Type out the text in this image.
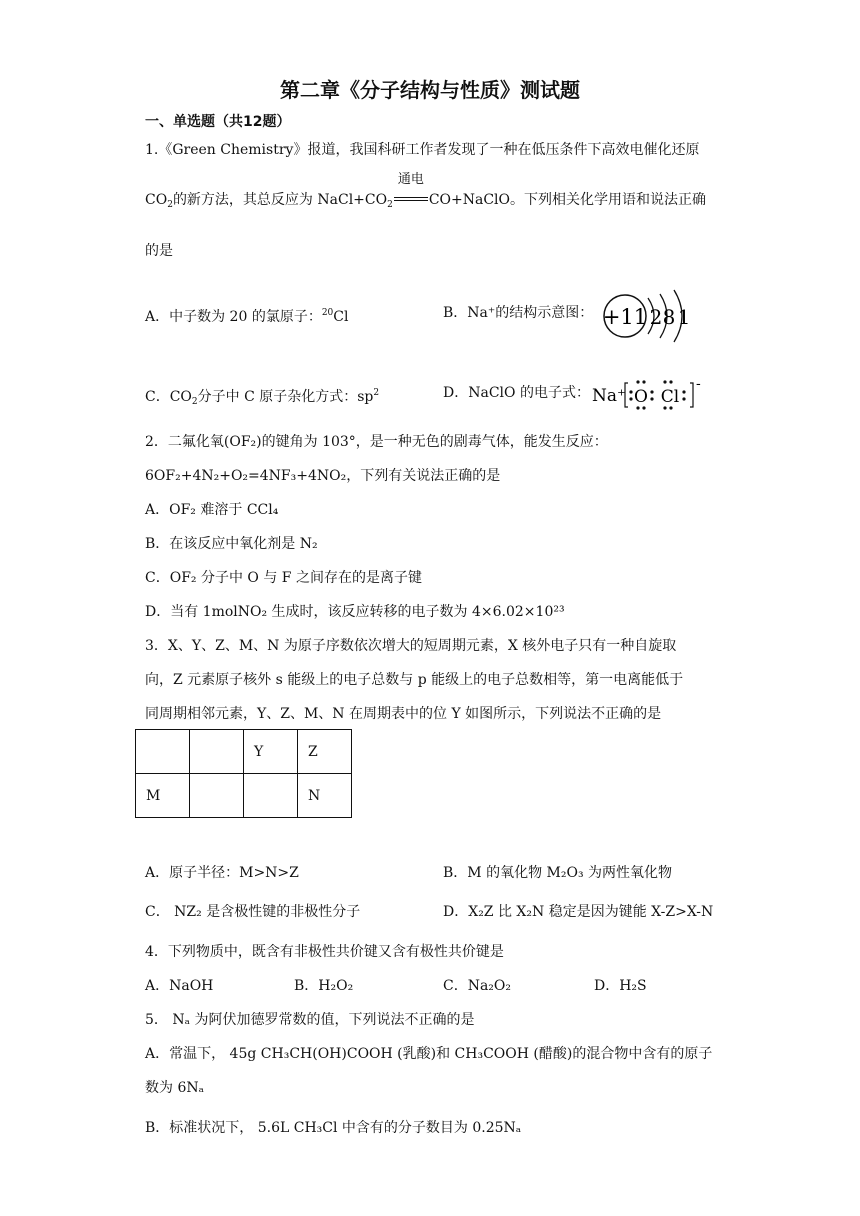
第二章《分子结构与性质》测试题
一、单选题（共12题）
1.《Green Chemistry》报道，我国科研工作者发现了一种在低压条件下高效电催化还原
$CO_2$的新方法，其总反应为 $NaCl+CO_2$
通电
CO+NaClO。下列相关化学用语和说法正确
的是
A．中子数为 20 的氯原子：$^{20}$Cl	B．Na⁺的结构示意图： +11 2 8 1
C．$CO_2$分子中 C 原子杂化方式：$sp^2$	D．NaClO 的电子式： Na⁺ O Cl
-
2．二氟化氧(OF₂)的键角为 103°，是一种无色的剧毒气体，能发生反应：
6OF₂+4N₂+O₂=4NF₃+4NO₂，下列有关说法正确的是
A．OF₂ 难溶于 CCl₄
B．在该反应中氧化剂是 N₂
C．OF₂ 分子中 O 与 F 之间存在的是离子键
D．当有 1molNO₂ 生成时，该反应转移的电子数为 4×6.02×10²³
3．X、Y、Z、M、N 为原子序数依次增大的短周期元素，X 核外电子只有一种自旋取
向，Z 元素原子核外 s 能级上的电子总数与 p 能级上的电子总数相等，第一电离能低于
同周期相邻元素，Y、Z、M、N 在周期表中的位 Y 如图所示，下列说法不正确的是
		Y	Z
M			N
A．原子半径：M>N>Z	B．M 的氧化物 M₂O₃ 为两性氧化物
C． NZ₂ 是含极性键的非极性分子	D．X₂Z 比 X₂N 稳定是因为键能 X-Z>X-N
4．下列物质中，既含有非极性共价键又含有极性共价键是
A．NaOH	B．H₂O₂	C．Na₂O₂	D．H₂S
5． Nₐ 为阿伏加德罗常数的值，下列说法不正确的是
A．常温下， 45g CH₃CH(OH)COOH (乳酸)和 CH₃COOH (醋酸)的混合物中含有的原子
数为 6Nₐ
B．标准状况下， 5.6L CH₃Cl 中含有的分子数目为 0.25Nₐ
